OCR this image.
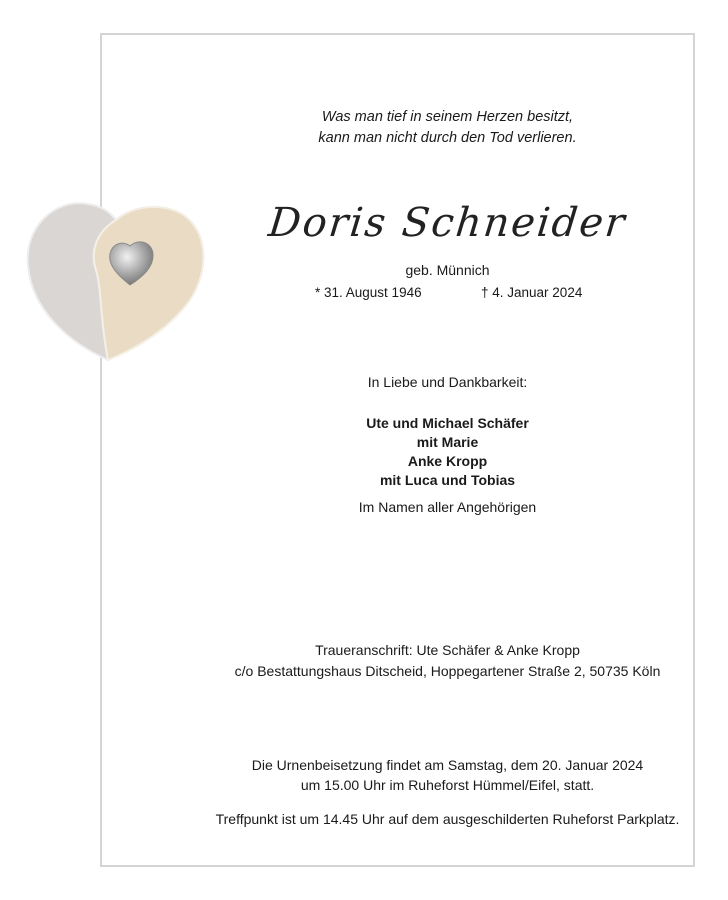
Was man tief in seinem Herzen besitzt,
kann man nicht durch den Tod verlieren.
Doris Schneider
geb. Münnich
* 31. August 1946	† 4. Januar 2024
In Liebe und Dankbarkeit:
Ute und Michael Schäfer
mit Marie
Anke Kropp
mit Luca und Tobias
Im Namen aller Angehörigen
Traueranschrift: Ute Schäfer & Anke Kropp
c/o Bestattungshaus Ditscheid, Hoppegartener Straße 2, 50735 Köln
Die Urnenbeisetzung findet am Samstag, dem 20. Januar 2024
um 15.00 Uhr im Ruheforst Hümmel/Eifel, statt.
Treffpunkt ist um 14.45 Uhr auf dem ausgeschilderten Ruheforst Parkplatz.
